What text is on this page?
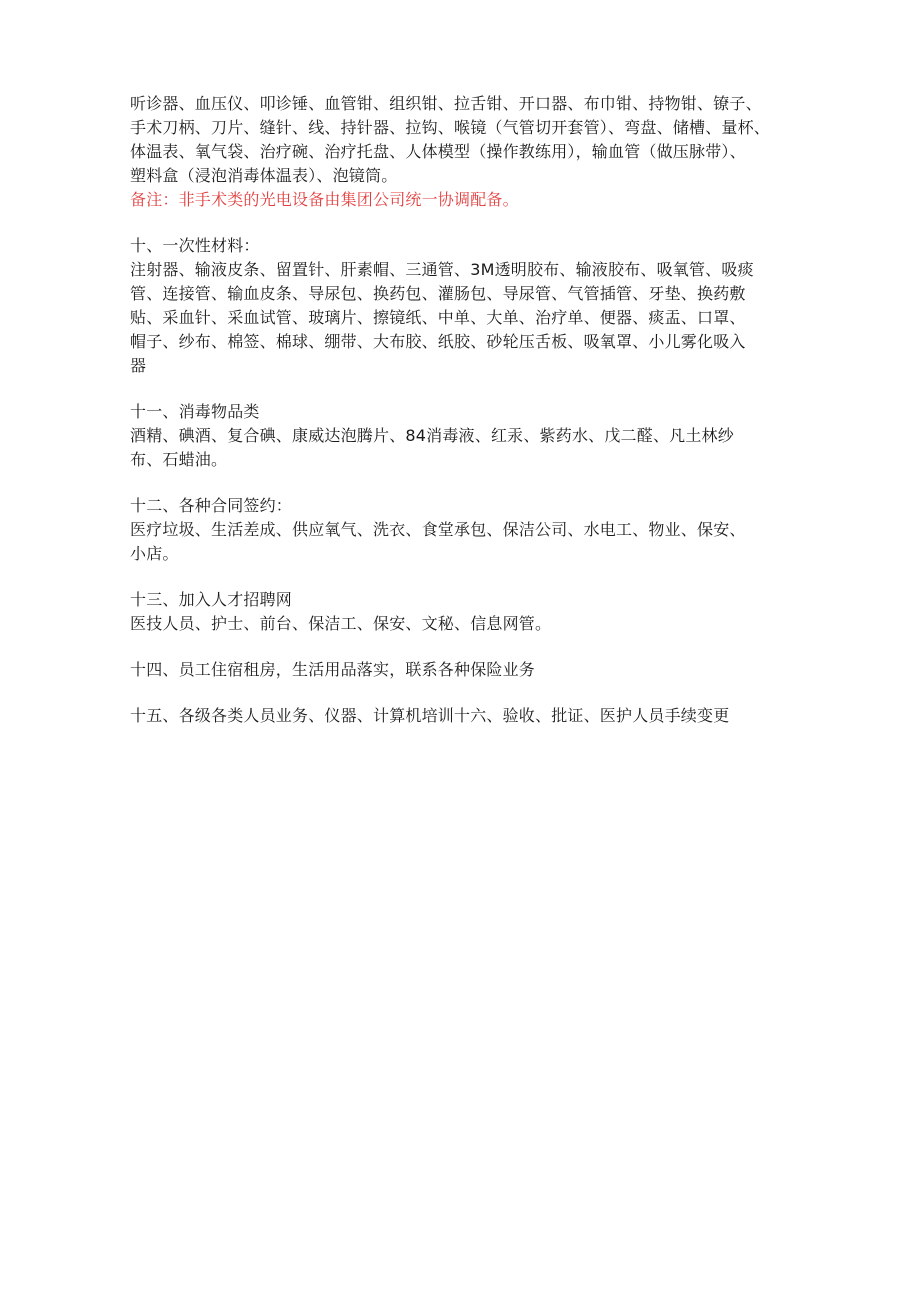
听诊器、血压仪、叩诊锤、血管钳、组织钳、拉舌钳、开口器、布巾钳、持物钳、镣子、
手术刀柄、刀片、缝针、线、持针器、拉钩、喉镜（气管切开套管）、弯盘、储槽、量杯、
体温表、氧气袋、治疗碗、治疗托盘、人体模型（操作教练用），输血管（做压脉带）、
塑料盒（浸泡消毒体温表）、泡镜筒。
备注：非手术类的光电设备由集团公司统一协调配备。
十、一次性材料：
注射器、输液皮条、留置针、肝素帽、三通管、3M透明胶布、输液胶布、吸氧管、吸痰
管、连接管、输血皮条、导尿包、换药包、灌肠包、导尿管、气管插管、牙垫、换药敷
贴、采血针、采血试管、玻璃片、擦镜纸、中单、大单、治疗单、便器、痰盂、口罩、
帽子、纱布、棉签、棉球、绷带、大布胶、纸胶、砂轮压舌板、吸氧罩、小儿雾化吸入
器
十一、消毒物品类
酒精、碘酒、复合碘、康威达泡腾片、84消毒液、红汞、紫药水、戊二醛、凡土林纱
布、石蜡油。
十二、各种合同签约：
医疗垃圾、生活差成、供应氧气、洗衣、食堂承包、保洁公司、水电工、物业、保安、
小店。
十三、加入人才招聘网
医技人员、护士、前台、保洁工、保安、文秘、信息网管。
十四、员工住宿租房，生活用品落实，联系各种保险业务
十五、各级各类人员业务、仪器、计算机培训十六、验收、批证、医护人员手续变更
